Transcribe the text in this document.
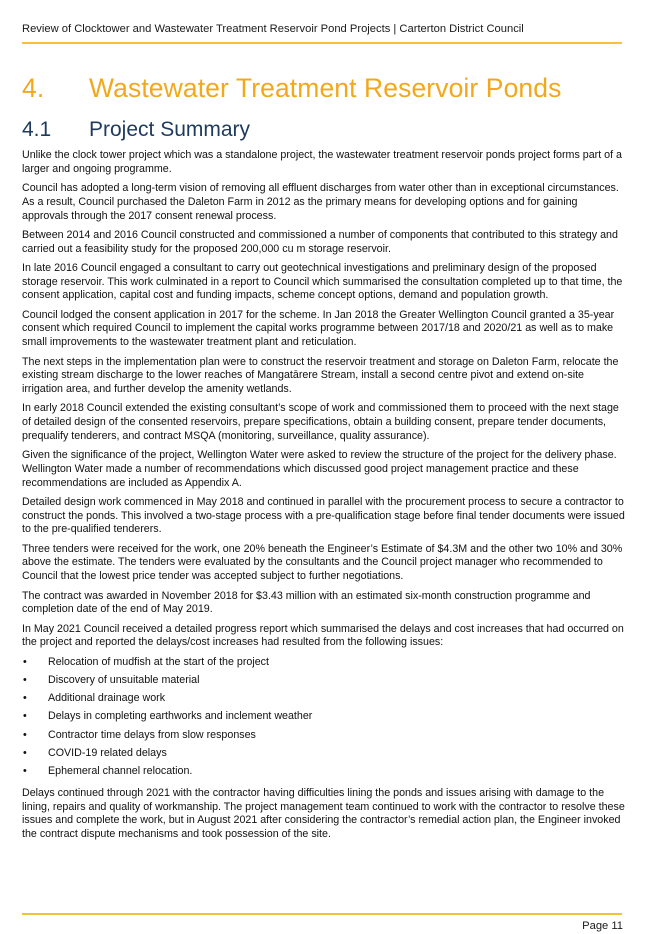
Review of Clocktower and Wastewater Treatment Reservoir Pond Projects | Carterton District Council
4. Wastewater Treatment Reservoir Ponds
4.1 Project Summary

Unlike the clock tower project which was a standalone project, the wastewater treatment reservoir ponds project forms part of a larger and ongoing programme.

Council has adopted a long-term vision of removing all effluent discharges from water other than in exceptional circumstances. As a result, Council purchased the Daleton Farm in 2012 as the primary means for developing options and for gaining approvals through the 2017 consent renewal process.

Between 2014 and 2016 Council constructed and commissioned a number of components that contributed to this strategy and carried out a feasibility study for the proposed 200,000 cu m storage reservoir.

In late 2016 Council engaged a consultant to carry out geotechnical investigations and preliminary design of the proposed storage reservoir. This work culminated in a report to Council which summarised the consultation completed up to that time, the consent application, capital cost and funding impacts, scheme concept options, demand and population growth.

Council lodged the consent application in 2017 for the scheme. In Jan 2018 the Greater Wellington Council granted a 35-year consent which required Council to implement the capital works programme between 2017/18 and 2020/21 as well as to make small improvements to the wastewater treatment plant and reticulation.

The next steps in the implementation plan were to construct the reservoir treatment and storage on Daleton Farm, relocate the existing stream discharge to the lower reaches of Mangatārere Stream, install a second centre pivot and extend on-site irrigation area, and further develop the amenity wetlands.

In early 2018 Council extended the existing consultant’s scope of work and commissioned them to proceed with the next stage of detailed design of the consented reservoirs, prepare specifications, obtain a building consent, prepare tender documents, prequalify tenderers, and contract MSQA (monitoring, surveillance, quality assurance).

Given the significance of the project, Wellington Water were asked to review the structure of the project for the delivery phase. Wellington Water made a number of recommendations which discussed good project management practice and these recommendations are included as Appendix A.

Detailed design work commenced in May 2018 and continued in parallel with the procurement process to secure a contractor to construct the ponds. This involved a two-stage process with a pre-qualification stage before final tender documents were issued to the pre-qualified tenderers.

Three tenders were received for the work, one 20% beneath the Engineer’s Estimate of $4.3M and the other two 10% and 30% above the estimate. The tenders were evaluated by the consultants and the Council project manager who recommended to Council that the lowest price tender was accepted subject to further negotiations.

The contract was awarded in November 2018 for $3.43 million with an estimated six-month construction programme and completion date of the end of May 2019.

In May 2021 Council received a detailed progress report which summarised the delays and cost increases that had occurred on the project and reported the delays/cost increases had resulted from the following issues:

• Relocation of mudfish at the start of the project
• Discovery of unsuitable material
• Additional drainage work
• Delays in completing earthworks and inclement weather
• Contractor time delays from slow responses
• COVID-19 related delays
• Ephemeral channel relocation.

Delays continued through 2021 with the contractor having difficulties lining the ponds and issues arising with damage to the lining, repairs and quality of workmanship. The project management team continued to work with the contractor to resolve these issues and complete the work, but in August 2021 after considering the contractor’s remedial action plan, the Engineer invoked the contract dispute mechanisms and took possession of the site.

Page 11
